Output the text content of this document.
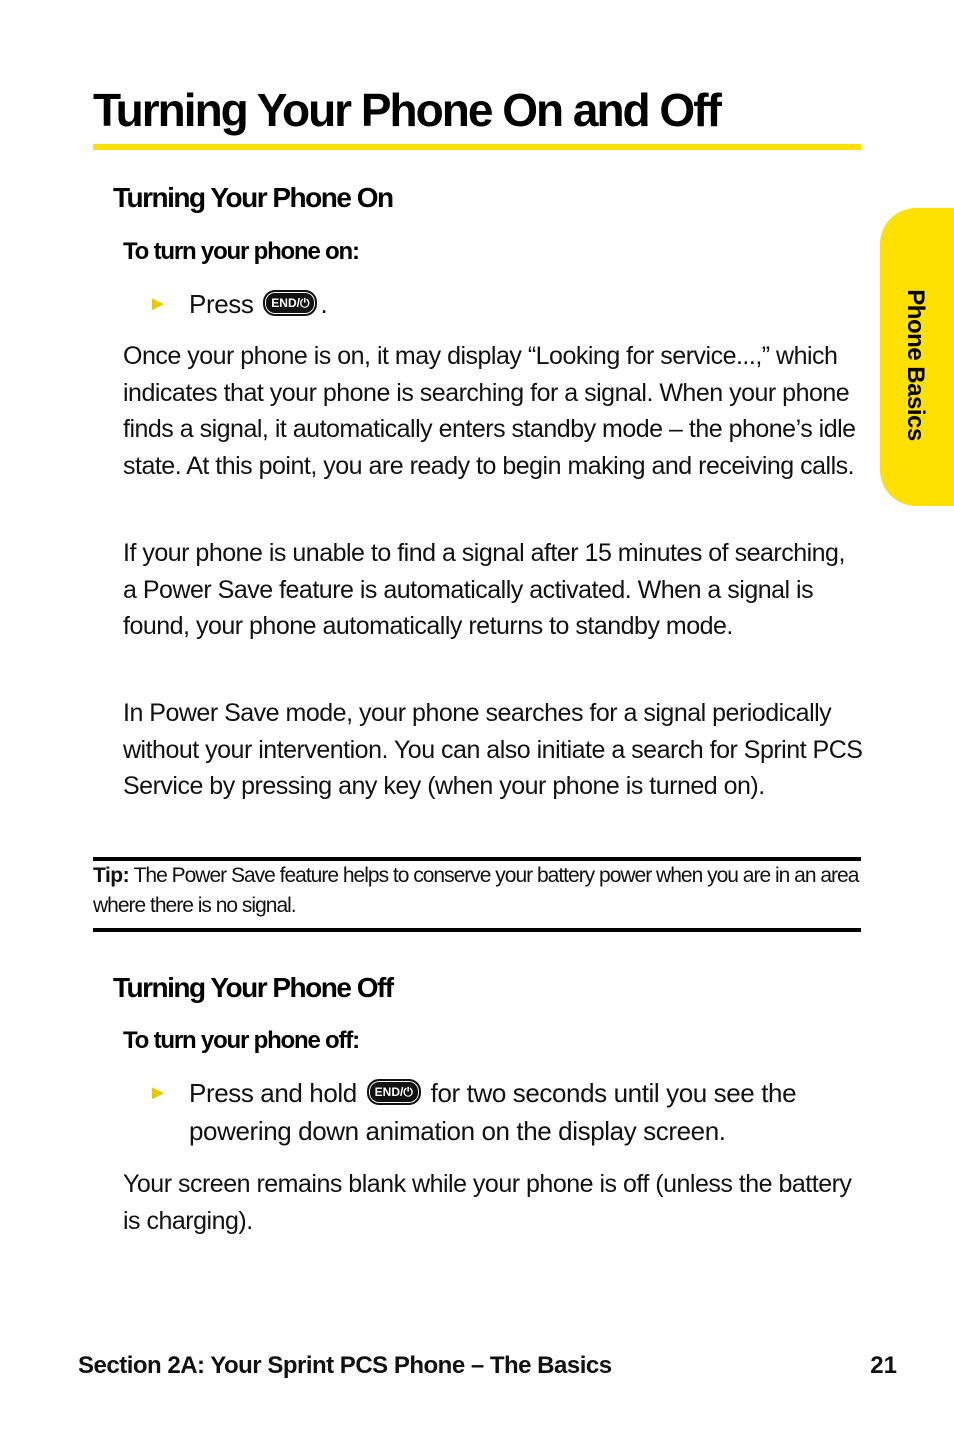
Turning Your Phone On and Off
Phone Basics
Turning Your Phone On
To turn your phone on:
► Press END/⏻ .

Once your phone is on, it may display “Looking for service...,” which indicates that your phone is searching for a signal. When your phone finds a signal, it automatically enters standby mode – the phone’s idle state. At this point, you are ready to begin making and receiving calls.

If your phone is unable to find a signal after 15 minutes of searching, a Power Save feature is automatically activated. When a signal is found, your phone automatically returns to standby mode.

In Power Save mode, your phone searches for a signal periodically without your intervention. You can also initiate a search for Sprint PCS Service by pressing any key (when your phone is turned on).

Tip: The Power Save feature helps to conserve your battery power when you are in an area where there is no signal.

Turning Your Phone Off
To turn your phone off:
► Press and hold END/⏻ for two seconds until you see the powering down animation on the display screen.

Your screen remains blank while your phone is off (unless the battery is charging).

Section 2A: Your Sprint PCS Phone – The Basics	21
